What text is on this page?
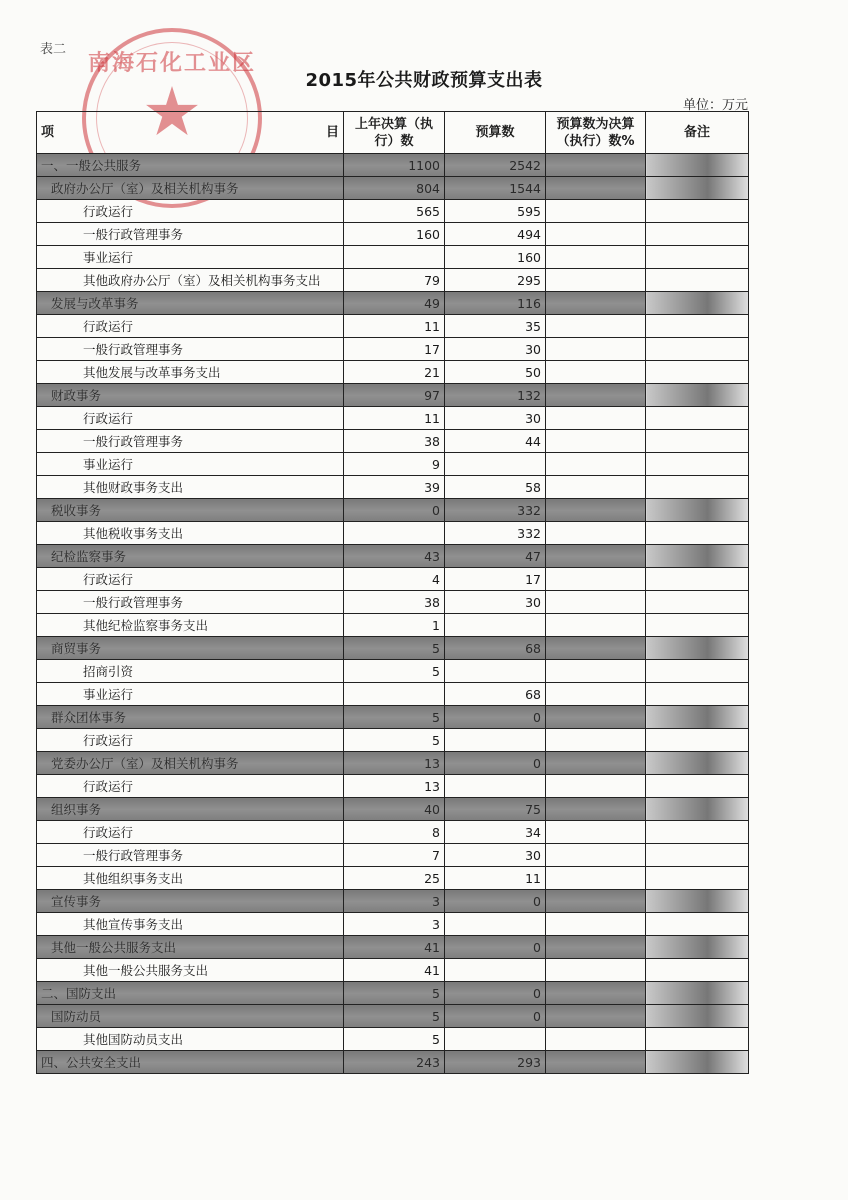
表二
南海石化工业区
2015年公共财政预算支出表
单位：万元
项 目	上年决算（执行）数	预算数	预算数为决算（执行）数%	备注
一、一般公共服务	1100	2542		
政府办公厅（室）及相关机构事务	804	1544		
行政运行	565	595		
一般行政管理事务	160	494		
事业运行		160		
其他政府办公厅（室）及相关机构事务支出	79	295		
发展与改革事务	49	116		
行政运行	11	35		
一般行政管理事务	17	30		
其他发展与改革事务支出	21	50		
财政事务	97	132		
行政运行	11	30		
一般行政管理事务	38	44		
事业运行	9			
其他财政事务支出	39	58		
税收事务	0	332		
其他税收事务支出		332		
纪检监察事务	43	47		
行政运行	4	17		
一般行政管理事务	38	30		
其他纪检监察事务支出	1			
商贸事务	5	68		
招商引资	5			
事业运行		68		
群众团体事务	5	0		
行政运行	5			
党委办公厅（室）及相关机构事务	13	0		
行政运行	13			
组织事务	40	75		
行政运行	8	34		
一般行政管理事务	7	30		
其他组织事务支出	25	11		
宣传事务	3	0		
其他宣传事务支出	3			
其他一般公共服务支出	41	0		
其他一般公共服务支出	41			
二、国防支出	5	0		
国防动员	5	0		
其他国防动员支出	5			
四、公共安全支出	243	293		
